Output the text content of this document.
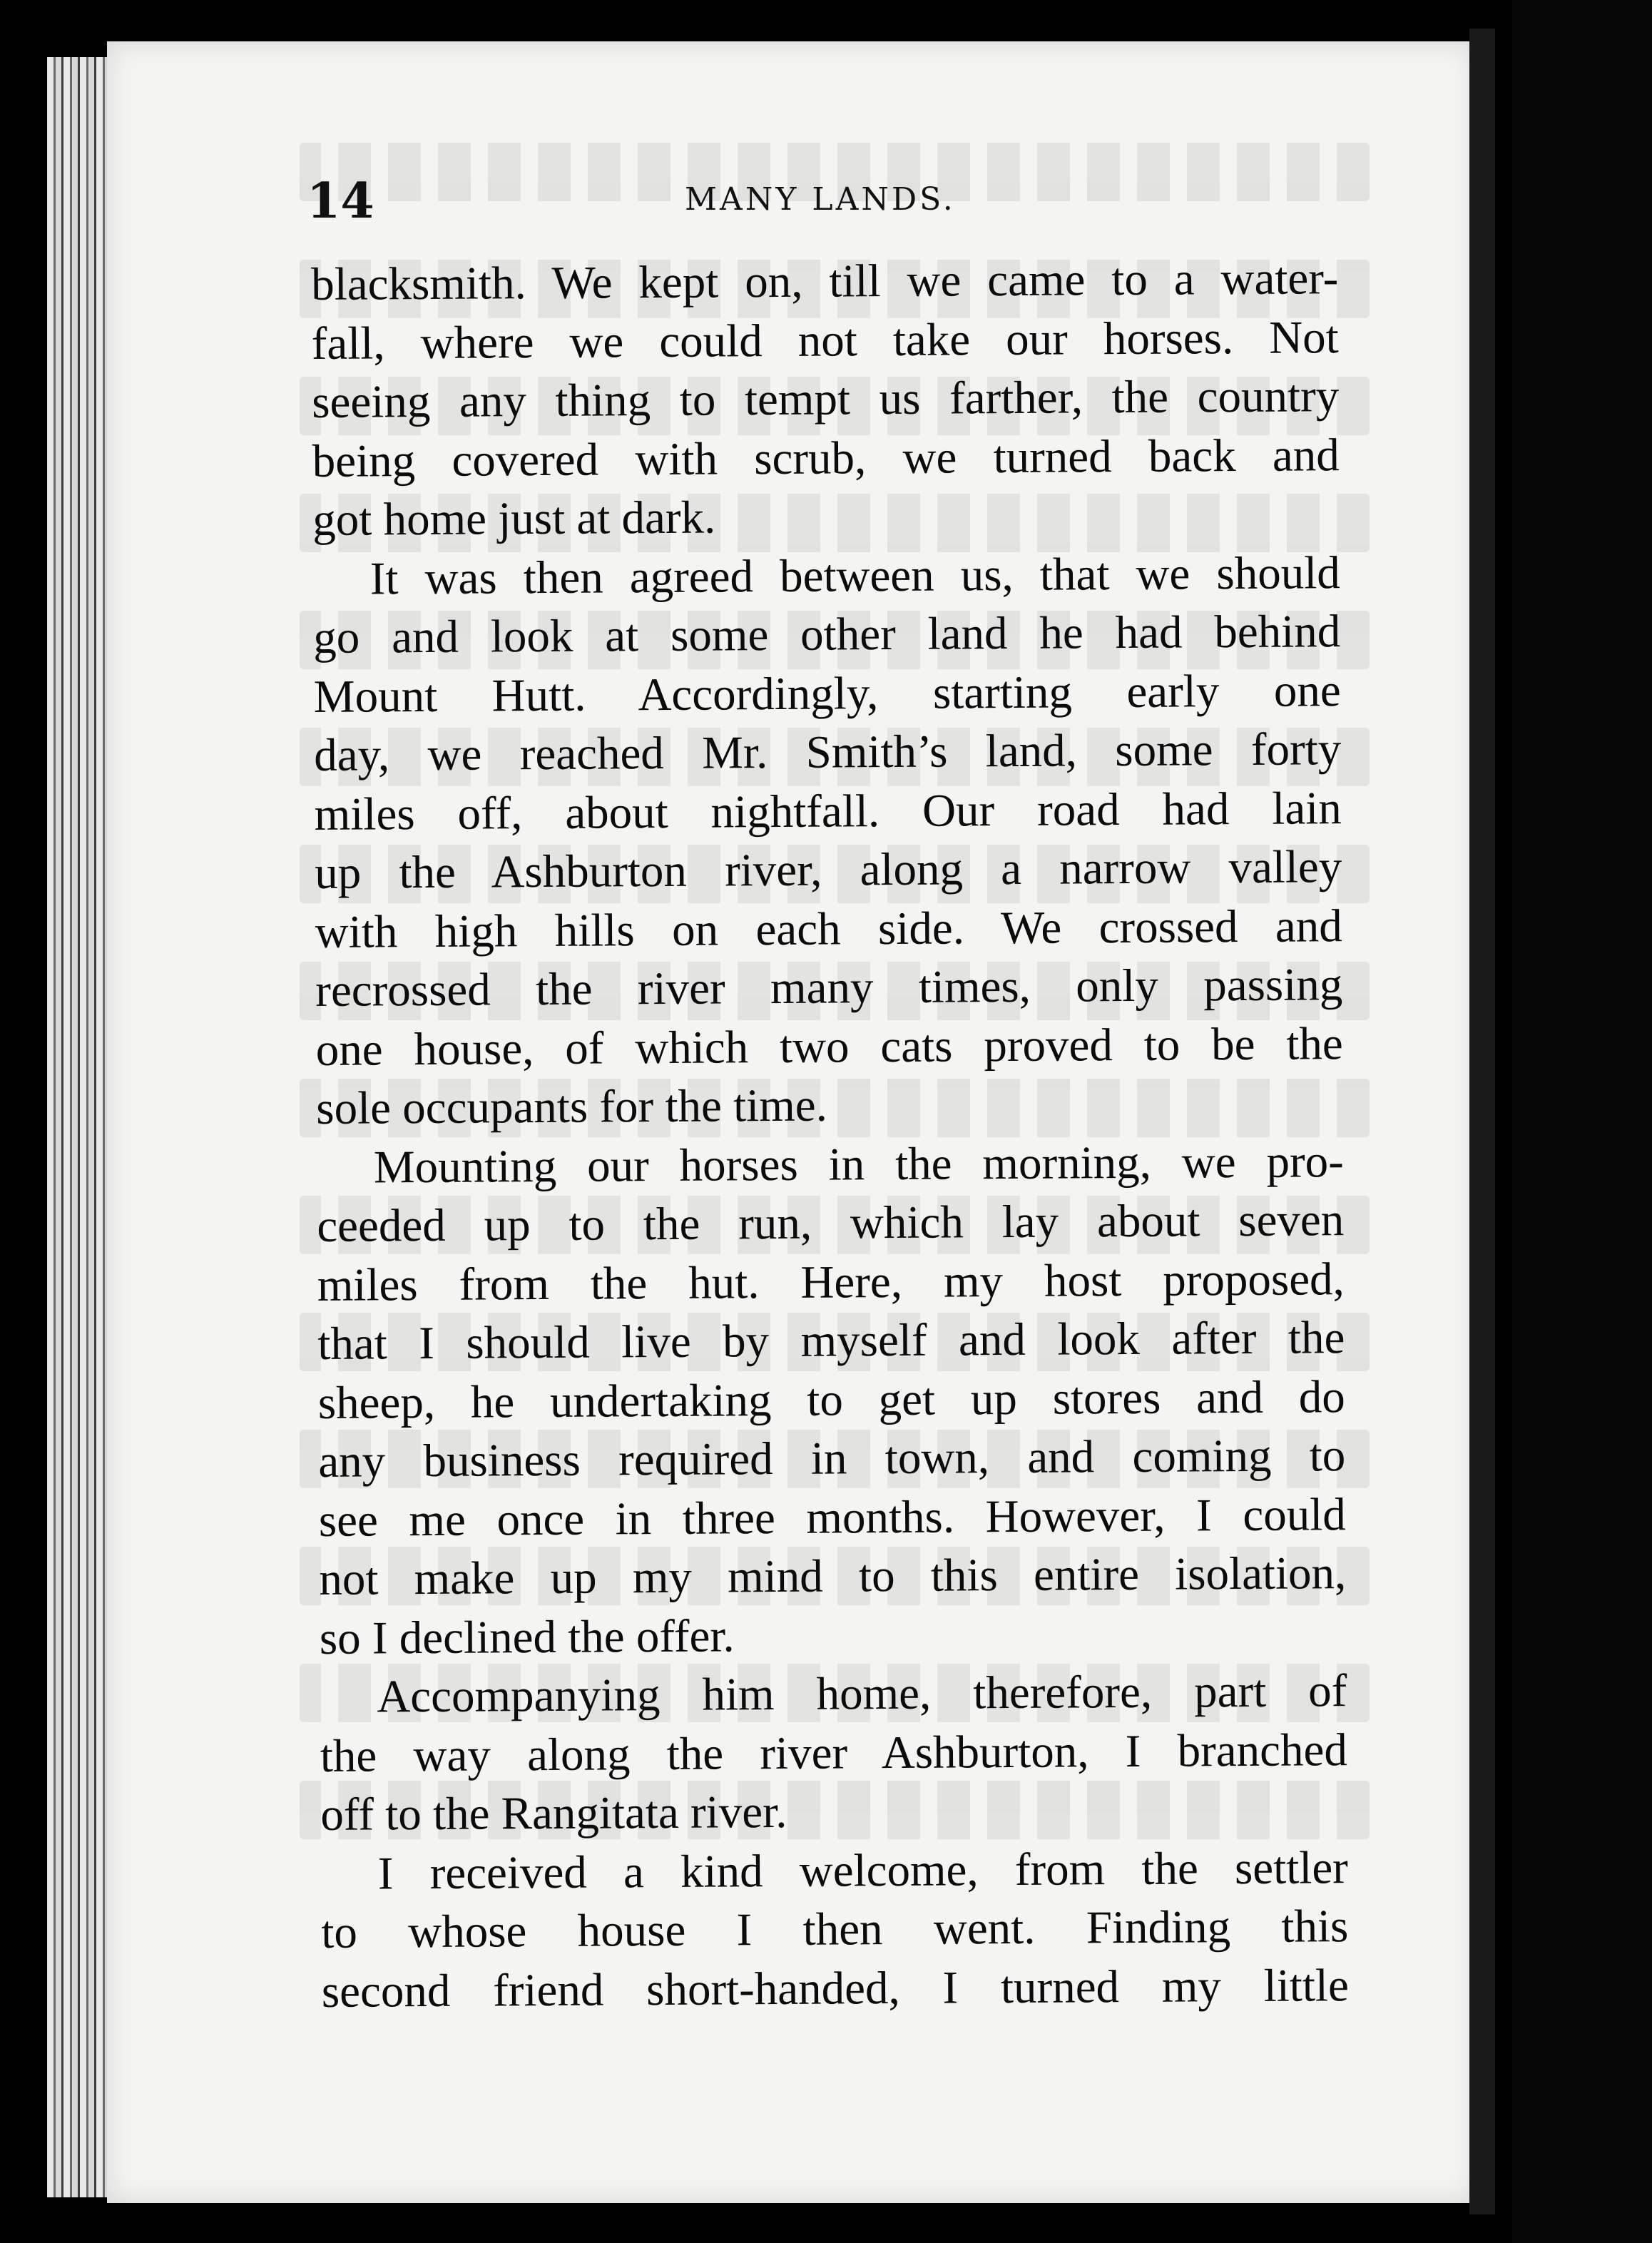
14	MANY LANDS.
blacksmith. We kept on, till we came to a water-
fall, where we could not take our horses. Not
seeing any thing to tempt us farther, the country
being covered with scrub, we turned back and
got home just at dark.
It was then agreed between us, that we should
go and look at some other land he had behind
Mount Hutt. Accordingly, starting early one
day, we reached Mr. Smith’s land, some forty
miles off, about nightfall. Our road had lain
up the Ashburton river, along a narrow valley
with high hills on each side. We crossed and
recrossed the river many times, only passing
one house, of which two cats proved to be the
sole occupants for the time.
Mounting our horses in the morning, we pro-
ceeded up to the run, which lay about seven
miles from the hut. Here, my host proposed,
that I should live by myself and look after the
sheep, he undertaking to get up stores and do
any business required in town, and coming to
see me once in three months. However, I could
not make up my mind to this entire isolation,
so I declined the offer.
Accompanying him home, therefore, part of
the way along the river Ashburton, I branched
off to the Rangitata river.
I received a kind welcome, from the settler
to whose house I then went. Finding this
second friend short-handed, I turned my little
